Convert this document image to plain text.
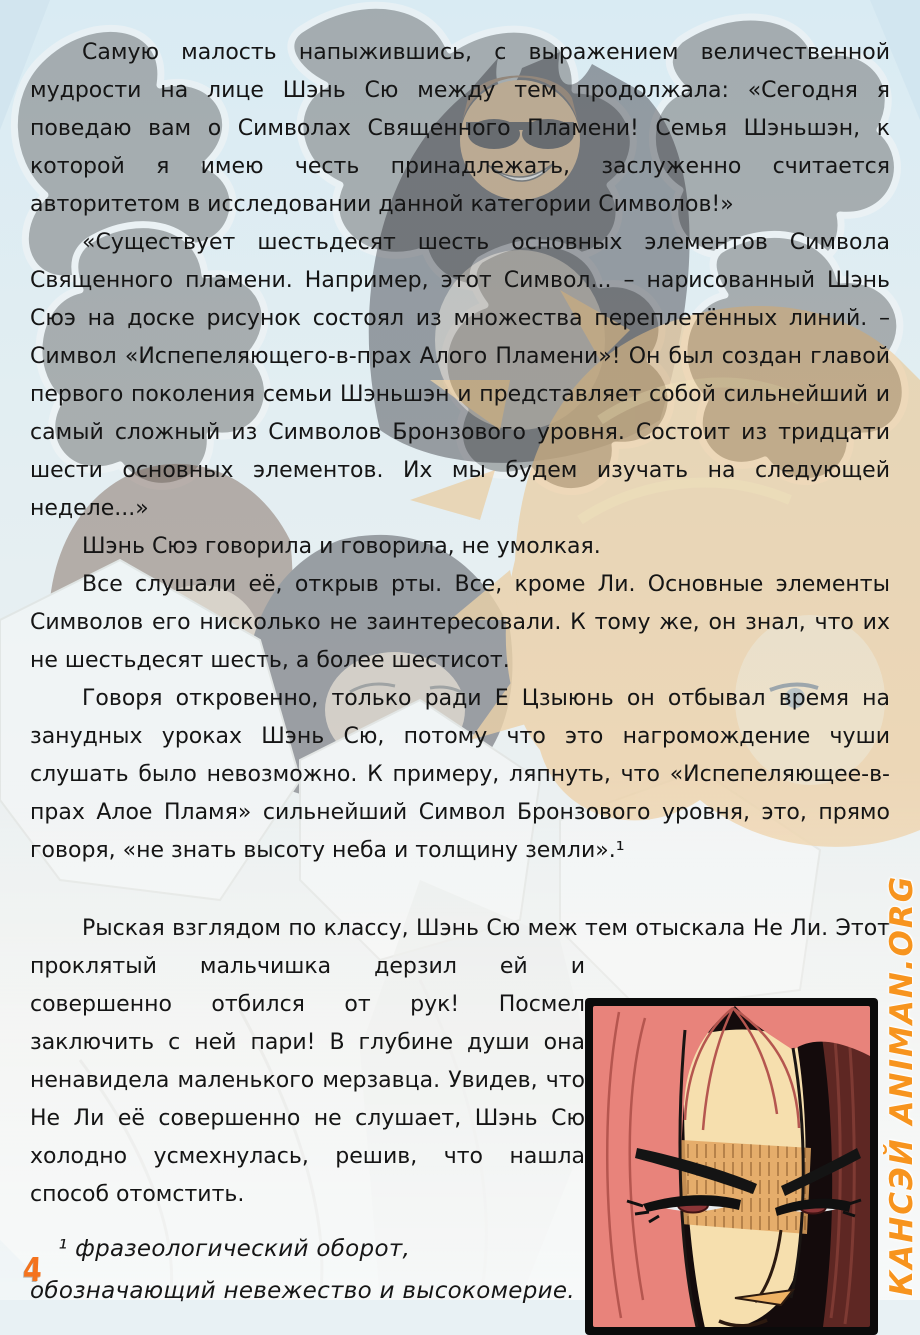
Самую малость напыжившись, с выражением величественной мудрости на лице Шэнь Сю между тем продолжала: «Сегодня я поведаю вам о Символах Священного Пламени! Семья Шэньшэн, к которой я имею честь принадлежать, заслуженно считается авторитетом в исследовании данной категории Символов!»

«Существует шестьдесят шесть основных элементов Символа Священного пламени. Например, этот Символ... – нарисованный Шэнь Сюэ на доске рисунок состоял из множества переплетённых линий. – Символ «Испепеляющего-в-прах Алого Пламени»! Он был создан главой первого поколения семьи Шэньшэн и представляет собой сильнейший и самый сложный из Символов Бронзового уровня. Состоит из тридцати шести основных элементов. Их мы будем изучать на следующей неделе...»

Шэнь Сюэ говорила и говорила, не умолкая.

Все слушали её, открыв рты. Все, кроме Ли. Основные элементы Символов его нисколько не заинтересовали. К тому же, он знал, что их не шестьдесят шесть, а более шестисот.

Говоря откровенно, только ради Е Цзыюнь он отбывал время на занудных уроках Шэнь Сю, потому что это нагромождение чуши слушать было невозможно. К примеру, ляпнуть, что «Испепеляющее-в-прах Алое Пламя» сильнейший Символ Бронзового уровня, это, прямо говоря, «не знать высоту неба и толщину земли».¹

Рыская взглядом по классу, Шэнь Сю меж тем отыскала Не Ли. Этот проклятый мальчишка дерзил ей и совершенно отбился от рук! Посмел заключить с ней пари! В глубине души она ненавидела маленького мерзавца. Увидев, что Не Ли её совершенно не слушает, Шэнь Сю холодно усмехнулась, решив, что нашла способ отомстить.

¹ фразеологический оборот, обозначающий невежество и высокомерие.	КАНСЭЙ ANIMAN.ORG
4
